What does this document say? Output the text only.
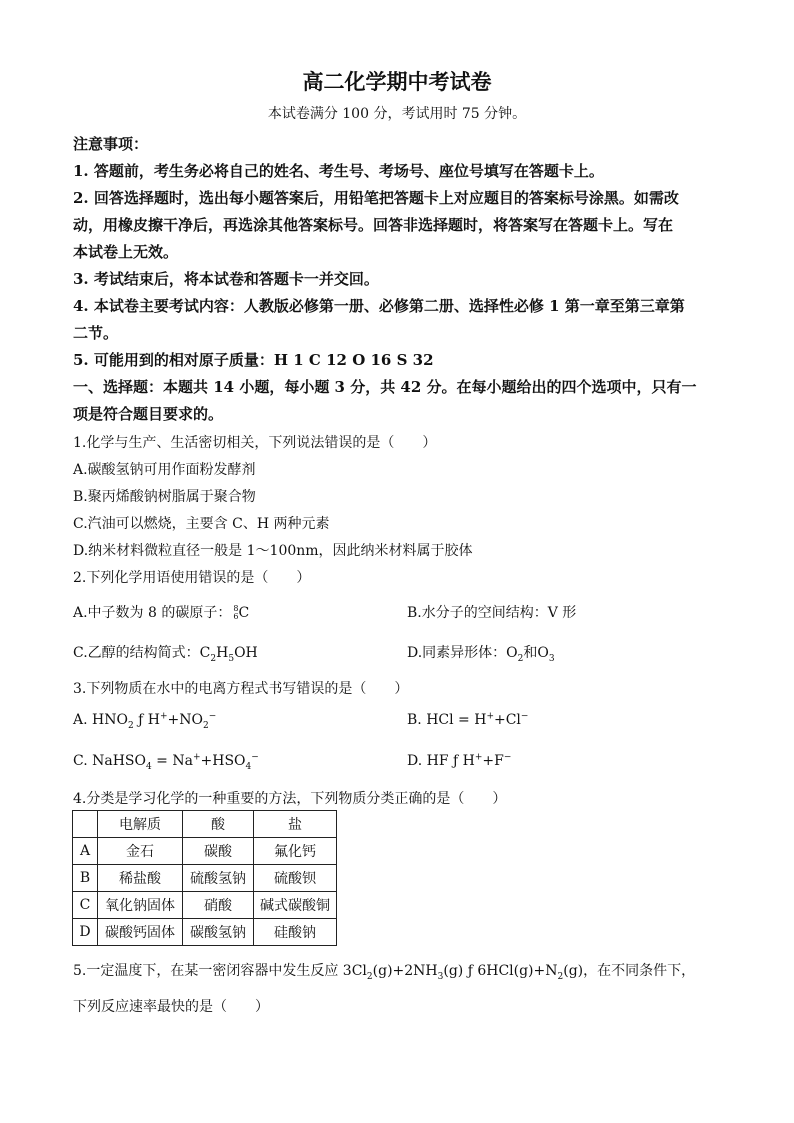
高二化学期中考试卷
本试卷满分 100 分，考试用时 75 分钟。
注意事项：
1. 答题前，考生务必将自己的姓名、考生号、考场号、座位号填写在答题卡上。
2. 回答选择题时，选出每小题答案后，用铅笔把答题卡上对应题目的答案标号涂黑。如需改
动，用橡皮擦干净后，再选涂其他答案标号。回答非选择题时，将答案写在答题卡上。写在
本试卷上无效。
3. 考试结束后，将本试卷和答题卡一并交回。
4. 本试卷主要考试内容：人教版必修第一册、必修第二册、选择性必修 1 第一章至第三章第
二节。
5. 可能用到的相对原子质量：H 1 C 12 O 16 S 32
一、选择题：本题共 14 小题，每小题 3 分，共 42 分。在每小题给出的四个选项中，只有一
项是符合题目要求的。
1.化学与生产、生活密切相关，下列说法错误的是（　　）
A.碳酸氢钠可用作面粉发酵剂
B.聚丙烯酸钠树脂属于聚合物
C.汽油可以燃烧，主要含 C、H 两种元素
D.纳米材料微粒直径一般是 1～100nm，因此纳米材料属于胶体
2.下列化学用语使用错误的是（　　）
A.中子数为 8 的碳原子： 8
6C	B.水分子的空间结构：V 形
C.乙醇的结构简式：$C_2H_5OH$	D.同素异形体：$O_2$和$O_3$
3.下列物质在水中的电离方程式书写错误的是（　　）
A. $HNO_2$ ƒ $H^++NO_2^-$	B. HCl = H++Cl−
C. NaHSO$_4$ = $Na^++HSO_4^-$	D. HF ƒ H++F−
4.分类是学习化学的一种重要的方法，下列物质分类正确的是（　　）
	电解质	酸	盐
A	金石	碳酸	氟化钙
B	稀盐酸	硫酸氢钠	硫酸钡
C	氧化钠固体	硝酸	碱式碳酸铜
D	碳酸钙固体	碳酸氢钠	硅酸钠
5.一定温度下，在某一密闭容器中发生反应 $3Cl_2(g)+2NH_3(g)$ ƒ $6HCl(g)+N_2(g)$，在不同条件下，
下列反应速率最快的是（　　）
